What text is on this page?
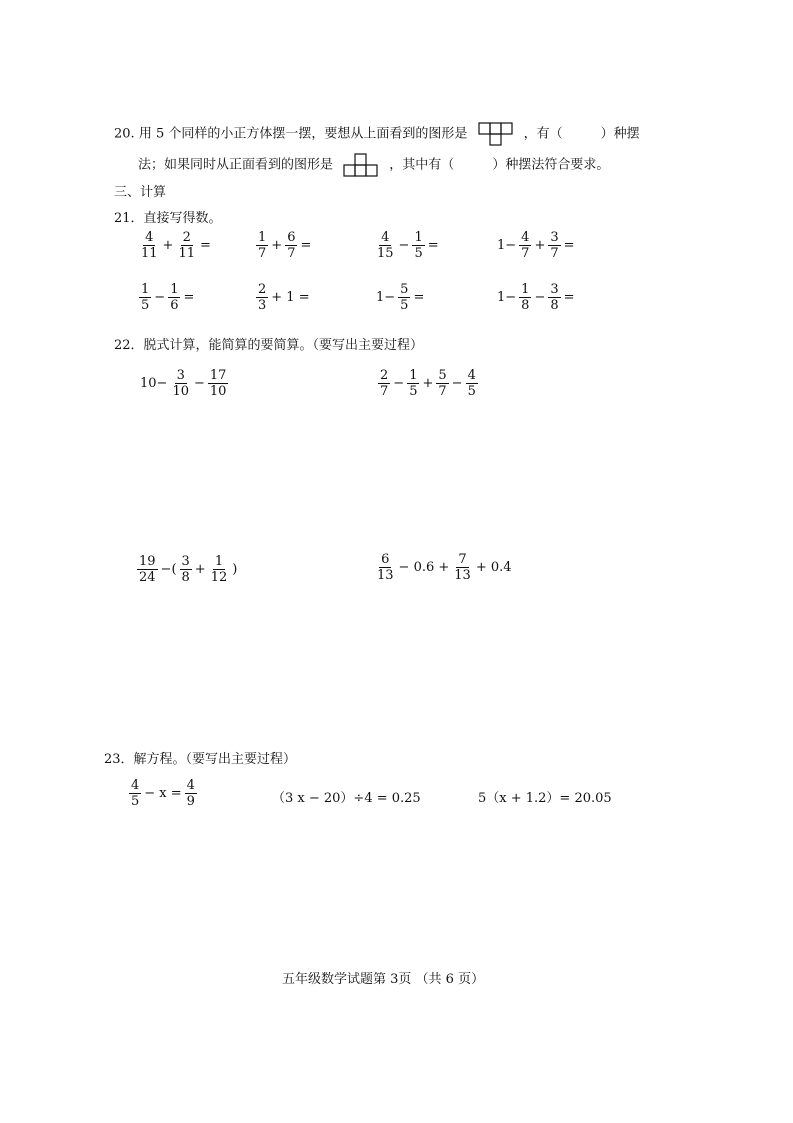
20. 用 5 个同样的小正方体摆一摆，要想从上面看到的图形是	，有（	）种摆
法；如果同时从正面看到的图形是	，其中有（	）种摆法符合要求。
三、计算
21．直接写得数。
$\frac{4}{11} + \frac{2}{11}$ =	$\frac{1}{7} + \frac{6}{7}$ =	$\frac{4}{15} - \frac{1}{5}$ =	$1- \frac{4}{7} + \frac{3}{7}$ =
$\frac{1}{5} - \frac{1}{6}$ =	$\frac{2}{3} + 1$ =	$1- \frac{5}{5}$ =	$1- \frac{1}{8} - \frac{3}{8}$ =
22．脱式计算，能简算的要简算。（要写出主要过程）
$10- \frac{3}{10} - \frac{17}{10}$	$\frac{2}{7} - \frac{1}{5} + \frac{5}{7} - \frac{4}{5}$
$\frac{19}{24}$ −( $\frac{3}{8} + \frac{1}{12}$ )	$\frac{6}{13} - 0.6 + \frac{7}{13} + 0.4$
23．解方程。（要写出主要过程）
$\frac{4}{5} - x = \frac{4}{9}$	（3 x − 20）÷4 = 0.25	5（x + 1.2）= 20.05
五年级数学试题第 3页 （共 6 页）
